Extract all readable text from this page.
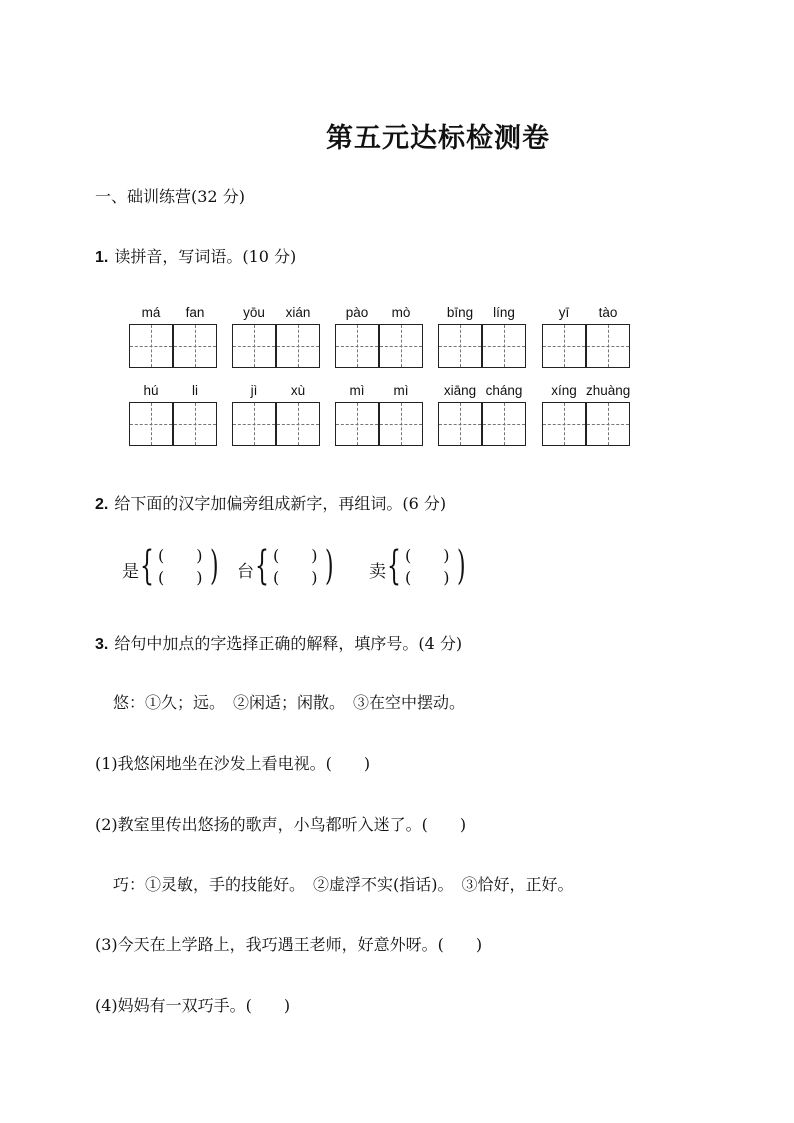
第五元达标检测卷
一、础训练营(32 分)
1. 读拼音，写词语。(10 分)
má	fan	yōu	xián	pào	mò	bīng	líng	yī	tào
hú	li	jì	xù	mì	mì	xiāng cháng	xíng zhuàng
2. 给下面的汉字加偏旁组成新字，再组词。(6 分)
是 { (　　)
(　　) ) 台 { (　　)
(　　) ) 卖 { (　　)
(　　) )
3. 给句中加点的字选择正确的解释，填序号。(4 分)
悠：①久；远。　②闲适；闲散。　③在空中摆动。
(1)我悠闲地坐在沙发上看电视。(　　)
(2)教室里传出悠扬的歌声，小鸟都听入迷了。(　　)
巧：①灵敏，手的技能好。　②虚浮不实(指话)。　③恰好，正好。
(3)今天在上学路上，我巧遇王老师，好意外呀。(　　)
(4)妈妈有一双巧手。(　　)
